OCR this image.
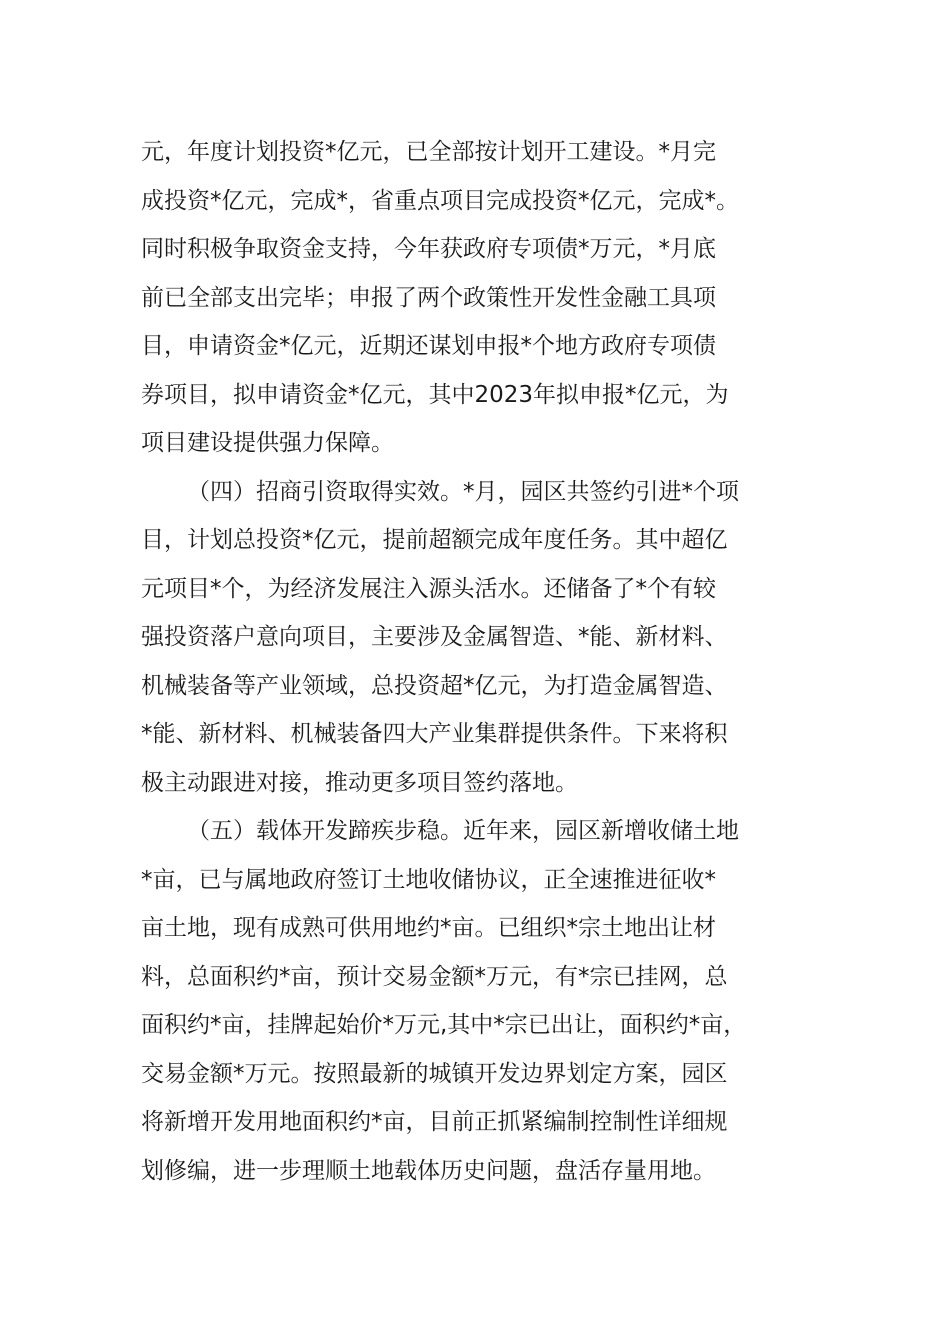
元，年度计划投资*亿元，已全部按计划开工建设。*月完
成投资*亿元，完成*，省重点项目完成投资*亿元，完成*。
同时积极争取资金支持，今年获政府专项债*万元，*月底
前已全部支出完毕；申报了两个政策性开发性金融工具项
目，申请资金*亿元，近期还谋划申报*个地方政府专项债
券项目，拟申请资金*亿元，其中2023年拟申报*亿元，为
项目建设提供强力保障。
（四）招商引资取得实效。*月，园区共签约引进*个项
目，计划总投资*亿元，提前超额完成年度任务。其中超亿
元项目*个，为经济发展注入源头活水。还储备了*个有较
强投资落户意向项目，主要涉及金属智造、*能、新材料、
机械装备等产业领域，总投资超*亿元，为打造金属智造、
*能、新材料、机械装备四大产业集群提供条件。下来将积
极主动跟进对接，推动更多项目签约落地。
（五）载体开发蹄疾步稳。近年来，园区新增收储土地
*亩，已与属地政府签订土地收储协议，正全速推进征收*
亩土地，现有成熟可供用地约*亩。已组织*宗土地出让材
料，总面积约*亩，预计交易金额*万元，有*宗已挂网，总
面积约*亩，挂牌起始价*万元,其中*宗已出让，面积约*亩，
交易金额*万元。按照最新的城镇开发边界划定方案，园区
将新增开发用地面积约*亩，目前正抓紧编制控制性详细规
划修编，进一步理顺土地载体历史问题，盘活存量用地。
